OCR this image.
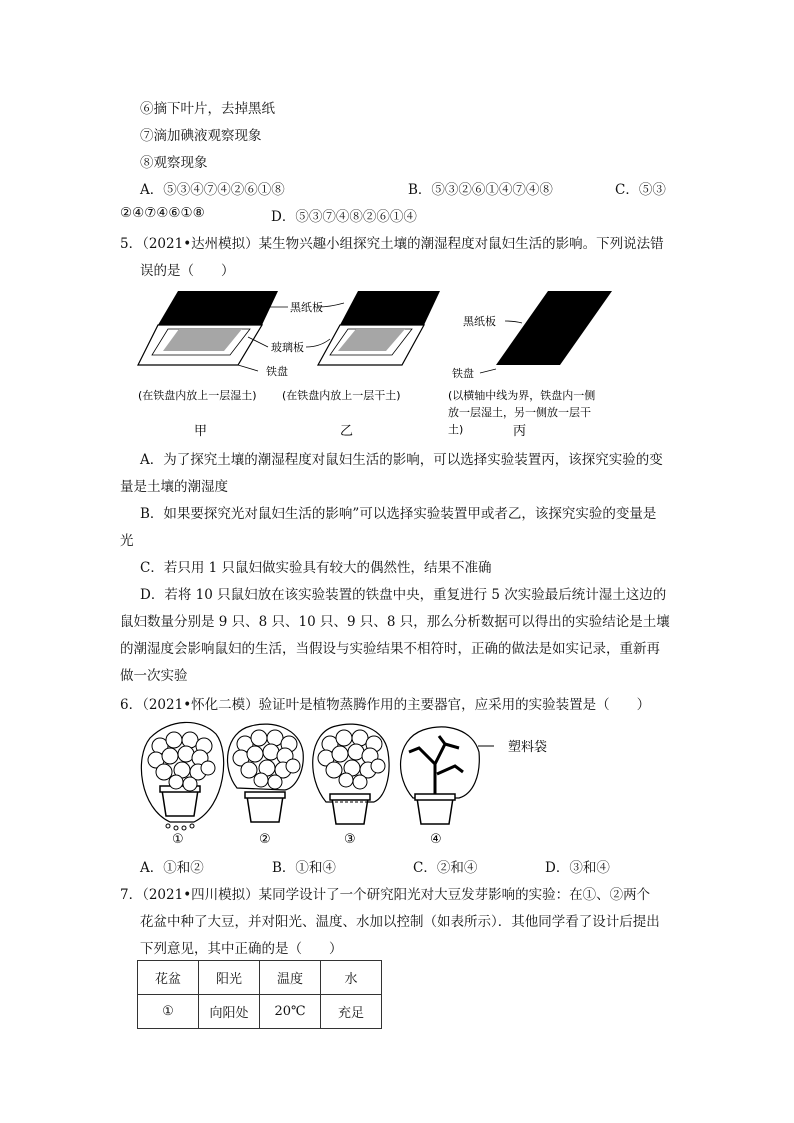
⑥摘下叶片，去掉黑纸
⑦滴加碘液观察现象
⑧观察现象
A．⑤③④⑦④②⑥①⑧	B．⑤③②⑥①④⑦④⑧	C．⑤③
②④⑦④⑥①⑧	D．⑤③⑦④⑧②⑥①④
5．（2021•达州模拟）某生物兴趣小组探究土壤的潮湿程度对鼠妇生活的影响。下列说法错
误的是（　　）
黑纸板
玻璃板
铁盘
黑纸板
铁盘
(在铁盘内放上一层湿土) (在铁盘内放上一层干土)	(以横轴中线为界，铁盘内一侧
放一层湿土，另一侧放一层干
土)
甲	乙	丙
A．为了探究土壤的潮湿程度对鼠妇生活的影响，可以选择实验装置丙，该探究实验的变
量是土壤的潮湿度
B．如果要探究光对鼠妇生活的影响”可以选择实验装置甲或者乙，该探究实验的变量是
光
C．若只用 1 只鼠妇做实验具有较大的偶然性，结果不准确
D．若将 10 只鼠妇放在该实验装置的铁盘中央，重复进行 5 次实验最后统计湿土这边的
鼠妇数量分别是 9 只、8 只、10 只、9 只、8 只，那么分析数据可以得出的实验结论是土壤
的潮湿度会影响鼠妇的生活，当假设与实验结果不相符时，正确的做法是如实记录，重新再
做一次实验
6．（2021•怀化二模）验证叶是植物蒸腾作用的主要器官，应采用的实验装置是（　　）
塑料袋
①	②	③	④
A．①和②	B．①和④	C．②和④	D．③和④
7．（2021•四川模拟）某同学设计了一个研究阳光对大豆发芽影响的实验：在①、②两个
花盆中种了大豆，并对阳光、温度、水加以控制（如表所示）．其他同学看了设计后提出
下列意见，其中正确的是（　　）
花盆	阳光	温度	水
①	向阳处	20℃	充足
